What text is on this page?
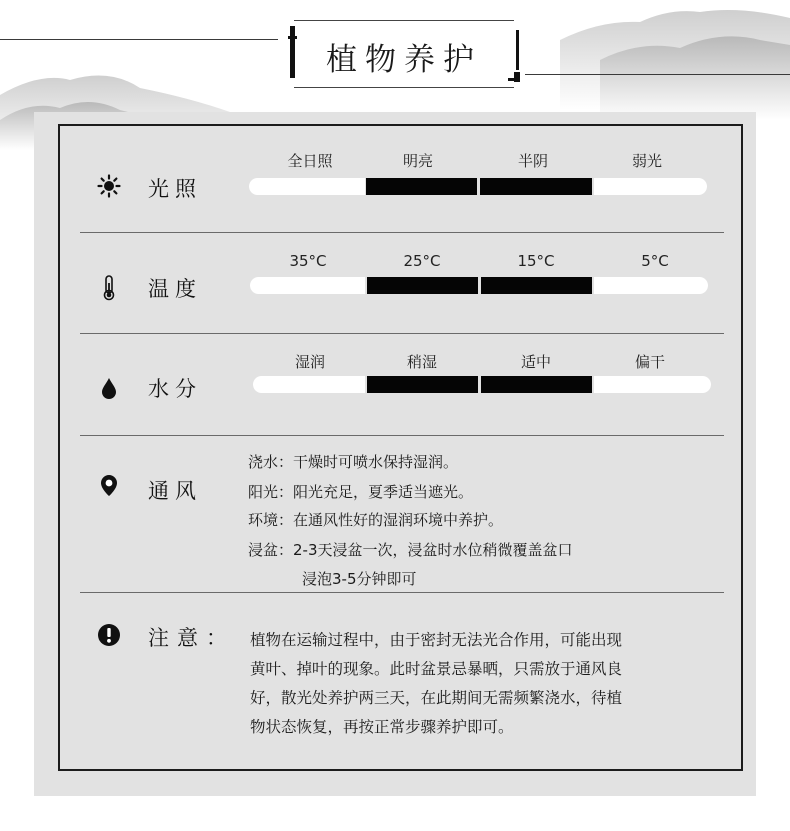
植物养护
光照
全日照	明亮	半阴	弱光
温度
35°C	25°C	15°C	5°C
水分
湿润	稍湿	适中	偏干
通风
浇水：干燥时可喷水保持湿润。
阳光：阳光充足，夏季适当遮光。
环境：在通风性好的湿润环境中养护。
浸盆：2-3天浸盆一次，浸盆时水位稍微覆盖盆口
浸泡3-5分钟即可
注意： 植物在运输过程中，由于密封无法光合作用，可能出现
黄叶、掉叶的现象。此时盆景忌暴晒，只需放于通风良
好，散光处养护两三天，在此期间无需频繁浇水，待植
物状态恢复，再按正常步骤养护即可。
